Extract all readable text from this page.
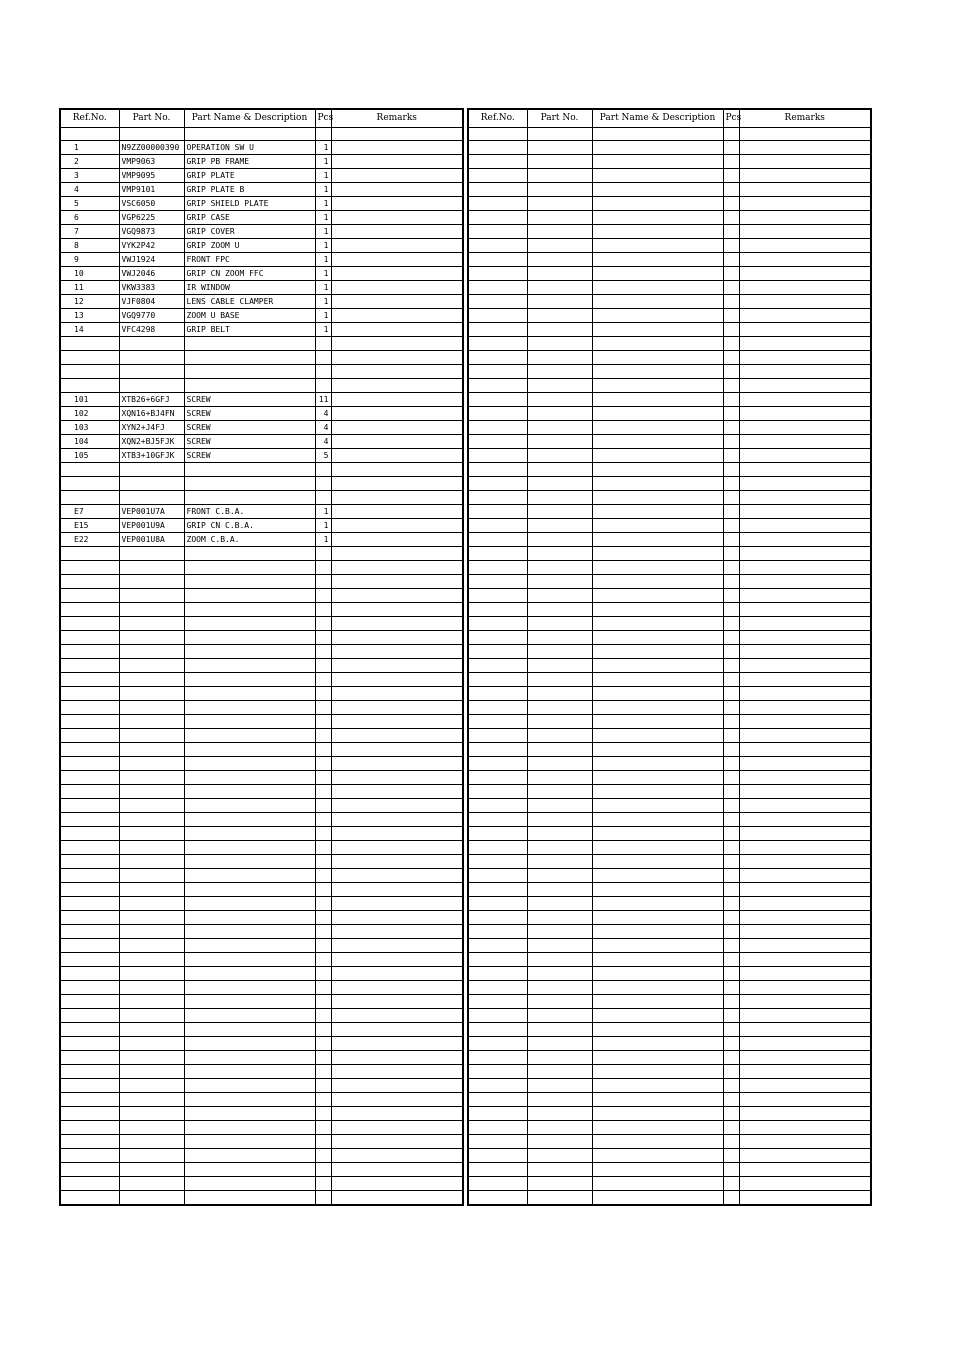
Ref.No.	Part No.	Part Name & Description	Pcs	Remarks

1	N9ZZ00000390	OPERATION SW U	1	
2	VMP9063	GRIP PB FRAME	1	
3	VMP9095	GRIP PLATE	1	
4	VMP9101	GRIP PLATE B	1	
5	VSC6050	GRIP SHIELD PLATE	1	
6	VGP6225	GRIP CASE	1	
7	VGQ9873	GRIP COVER	1	
8	VYK2P42	GRIP ZOOM U	1	
9	VWJ1924	FRONT FPC	1	
10	VWJ2046	GRIP CN ZOOM FFC	1	
11	VKW3383	IR WINDOW	1	
12	VJF0804	LENS CABLE CLAMPER	1	
13	VGQ9770	ZOOM U BASE	1	
14	VFC4298	GRIP BELT	1	

101	XTB26+6GFJ	SCREW	11	
102	XQN16+BJ4FN	SCREW	4	
103	XYN2+J4FJ	SCREW	4	
104	XQN2+BJ5FJK	SCREW	4	
105	XTB3+10GFJK	SCREW	5	

E7	VEP001U7A	FRONT C.B.A.	1	
E15	VEP001U9A	GRIP CN C.B.A.	1	
E22	VEP001U8A	ZOOM C.B.A.	1	

Ref.No.	Part No.	Part Name & Description	Pcs	Remarks
